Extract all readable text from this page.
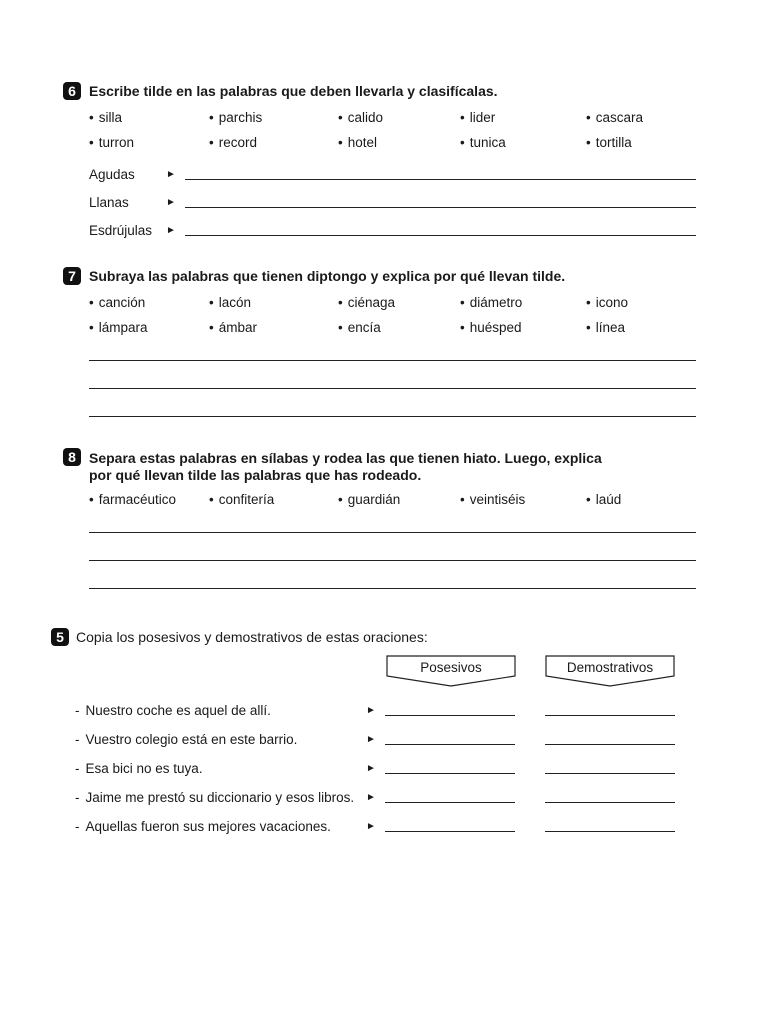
6 Escribe tilde en las palabras que deben llevarla y clasifícalas.
• silla	• parchis	• calido	• lider	• cascara
• turron	• record	• hotel	• tunica	• tortilla
Agudas	►
Llanas	►
Esdrújulas ►
7 Subraya las palabras que tienen diptongo y explica por qué llevan tilde.
• canción	• lacón	• ciénaga	• diámetro	• icono
• lámpara	• ámbar	• encía	• huésped	• línea
8 Separa estas palabras en sílabas y rodea las que tienen hiato. Luego, explica
por qué llevan tilde las palabras que has rodeado.
• farmacéutico	• confitería	• guardián	• veintiséis	• laúd
5 Copia los posesivos y demostrativos de estas oraciones:
Posesivos	Demostrativos
- Nuestro coche es aquel de allí.	►
- Vuestro colegio está en este barrio.	►
- Esa bici no es tuya.	►
- Jaime me prestó su diccionario y esos libros. ►
- Aquellas fueron sus mejores vacaciones.	►
